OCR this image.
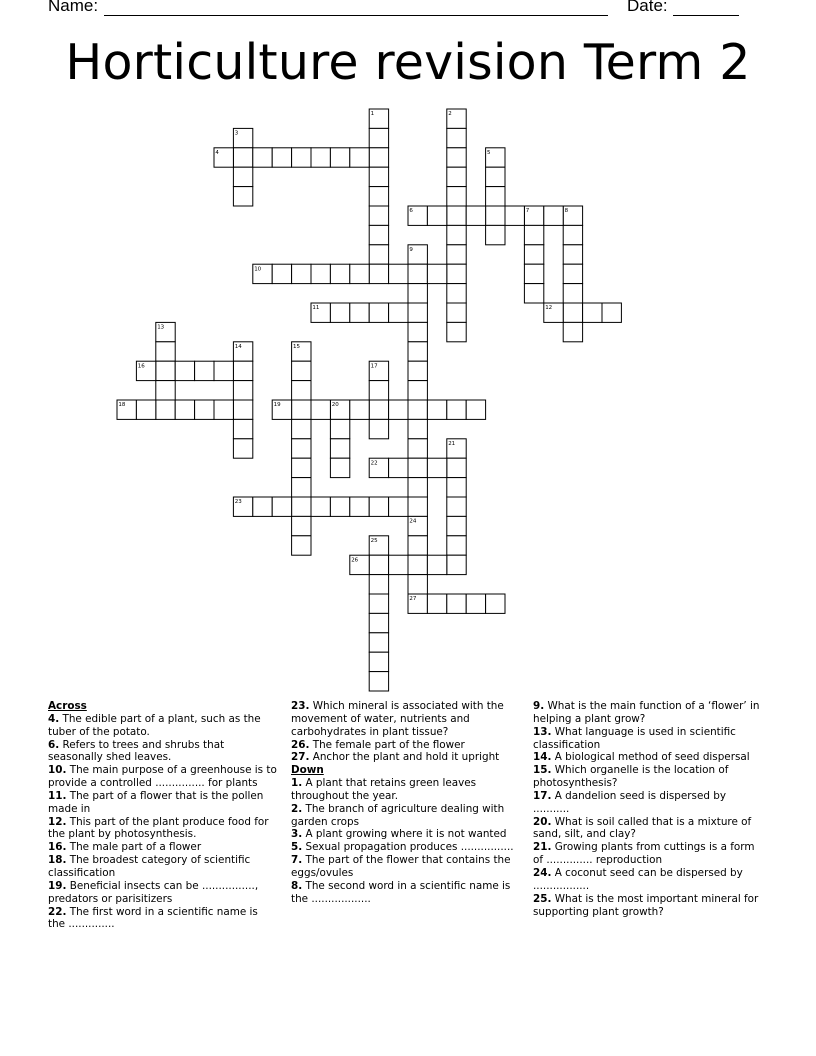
Name:	Date:
Horticulture revision Term 2
1	2
3
4	5
6	7	8
9
10
11	12
13
14	15
16	17
18	19	20
21
22
23
24
25
26
27

Across

4. The edible part of a plant, such as the tuber of the potato.

6. Refers to trees and shrubs that seasonally shed leaves.

10. The main purpose of a greenhouse is to provide a controlled ............... for plants

11. The part of a flower that is the pollen made in

12. This part of the plant produce food for the plant by photosynthesis.

16. The male part of a flower

18. The broadest category of scientific classification

19. Beneficial insects can be ................, predators or parisitizers

22. The first word in a scientific name is the ..............

23. Which mineral is associated with the movement of water, nutrients and carbohydrates in plant tissue?

26. The female part of the flower

27. Anchor the plant and hold it upright

Down

1. A plant that retains green leaves throughout the year.

2. The branch of agriculture dealing with garden crops

3. A plant growing where it is not wanted

5. Sexual propagation produces ................

7. The part of the flower that contains the eggs/ovules

8. The second word in a scientific name is the ..................

9. What is the main function of a ‘flower’ in helping a plant grow?

13. What language is used in scientific classification

14. A biological method of seed dispersal

15. Which organelle is the location of photosynthesis?

17. A dandelion seed is dispersed by ...........

20. What is soil called that is a mixture of sand, silt, and clay?

21. Growing plants from cuttings is a form of .............. reproduction

24. A coconut seed can be dispersed by .................

25. What is the most important mineral for supporting plant growth?
